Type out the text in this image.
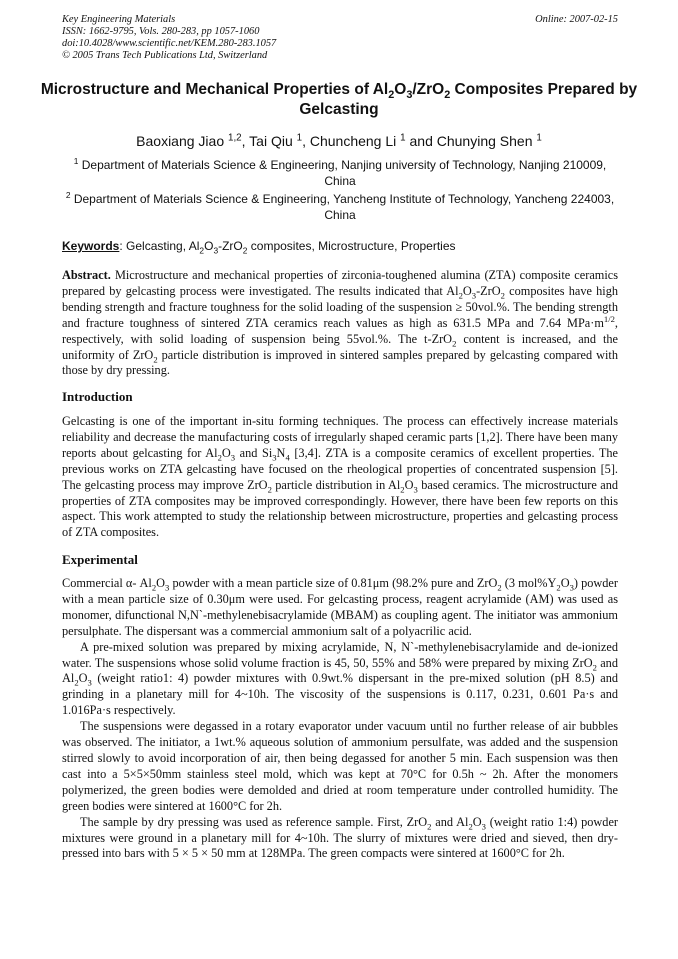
Key Engineering Materials
ISSN: 1662-9795, Vols. 280-283, pp 1057-1060
doi:10.4028/www.scientific.net/KEM.280-283.1057
© 2005 Trans Tech Publications Ltd, Switzerland
Online: 2007-02-15
Microstructure and Mechanical Properties of $Al_2O_3/ZrO_2$ Composites Prepared by Gelcasting
Baoxiang Jiao $^{1,2}$, Tai Qiu $^1$, Chuncheng Li $^1$ and Chunying Shen $^1$
$^1$ Department of Materials Science & Engineering, Nanjing university of Technology, Nanjing 210009, China
$^2$ Department of Materials Science & Engineering, Yancheng Institute of Technology, Yancheng 224003, China
Keywords: Gelcasting, $Al_2O_3-ZrO_2$ composites, Microstructure, Properties
Abstract. Microstructure and mechanical properties of zirconia-toughened alumina (ZTA) composite ceramics prepared by gelcasting process were investigated. The results indicated that $Al_2O_3-ZrO_2$ composites have high bending strength and fracture toughness for the solid loading of the suspension ≥ 50vol.%. The bending strength and fracture toughness of sintered ZTA ceramics reach values as high as 631.5 MPa and 7.64 $MPa\cdot m^{1/2}$, respectively, with solid loading of suspension being 55vol.%. The t-ZrO$_2$ content is increased, and the uniformity of ZrO$_2$ particle distribution is improved in sintered samples prepared by gelcasting compared with those by dry pressing.
Introduction
Gelcasting is one of the important in-situ forming techniques. The process can effectively increase materials reliability and decrease the manufacturing costs of irregularly shaped ceramic parts [1,2]. There have been many reports about gelcasting for $Al_2O_3$ and $Si_3N_4$ [3,4]. ZTA is a composite ceramics of excellent properties. The previous works on ZTA gelcasting have focused on the rheological properties of concentrated suspension [5]. The gelcasting process may improve ZrO$_2$ particle distribution in $Al_2O_3$ based ceramics. The microstructure and properties of ZTA composites may be improved correspondingly. However, there have been few reports on this aspect. This work attempted to study the relationship between microstructure, properties and gelcasting process of ZTA composites.
Experimental

Commercial α- $Al_2O_3$ powder with a mean particle size of 0.81μm (98.2% pure and ZrO$_2$ (3 $mol\%Y_2O_3$) powder with a mean particle size of 0.30μm were used. For gelcasting process, reagent acrylamide (AM) was used as monomer, difunctional N,N`-methylenebisacrylamide (MBAM) as coupling agent. The initiator was ammonium persulphate. The dispersant was a commercial ammonium salt of a polyacrilic acid.

A pre-mixed solution was prepared by mixing acrylamide, N, N`-methylenebisacrylamide and de-ionized water. The suspensions whose solid volume fraction is 45, 50, 55% and 58% were prepared by mixing ZrO$_2$ and $Al_2O_3$ (weight ratio1: 4) powder mixtures with 0.9wt.% dispersant in the pre-mixed solution (pH 8.5) and grinding in a planetary mill for 4~10h. The viscosity of the suspensions is 0.117, 0.231, 0.601 Pa·s and 1.016Pa·s respectively.

The suspensions were degassed in a rotary evaporator under vacuum until no further release of air bubbles was observed. The initiator, a 1wt.% aqueous solution of ammonium persulfate, was added and the suspension stirred slowly to avoid incorporation of air, then being degassed for another 5 min. Each suspension was then cast into a 5×5×50mm stainless steel mold, which was kept at 70°C for 0.5h ~ 2h. After the monomers polymerized, the green bodies were demolded and dried at room temperature under controlled humidity. The green bodies were sintered at 1600°C for 2h.

The sample by dry pressing was used as reference sample. First, ZrO$_2$ and $Al_2O_3$ (weight ratio 1:4) powder mixtures were ground in a planetary mill for 4~10h. The slurry of mixtures were dried and sieved, then dry-pressed into bars with 5 × 5 × 50 mm at 128MPa. The green compacts were sintered at 1600°C for 2h.
